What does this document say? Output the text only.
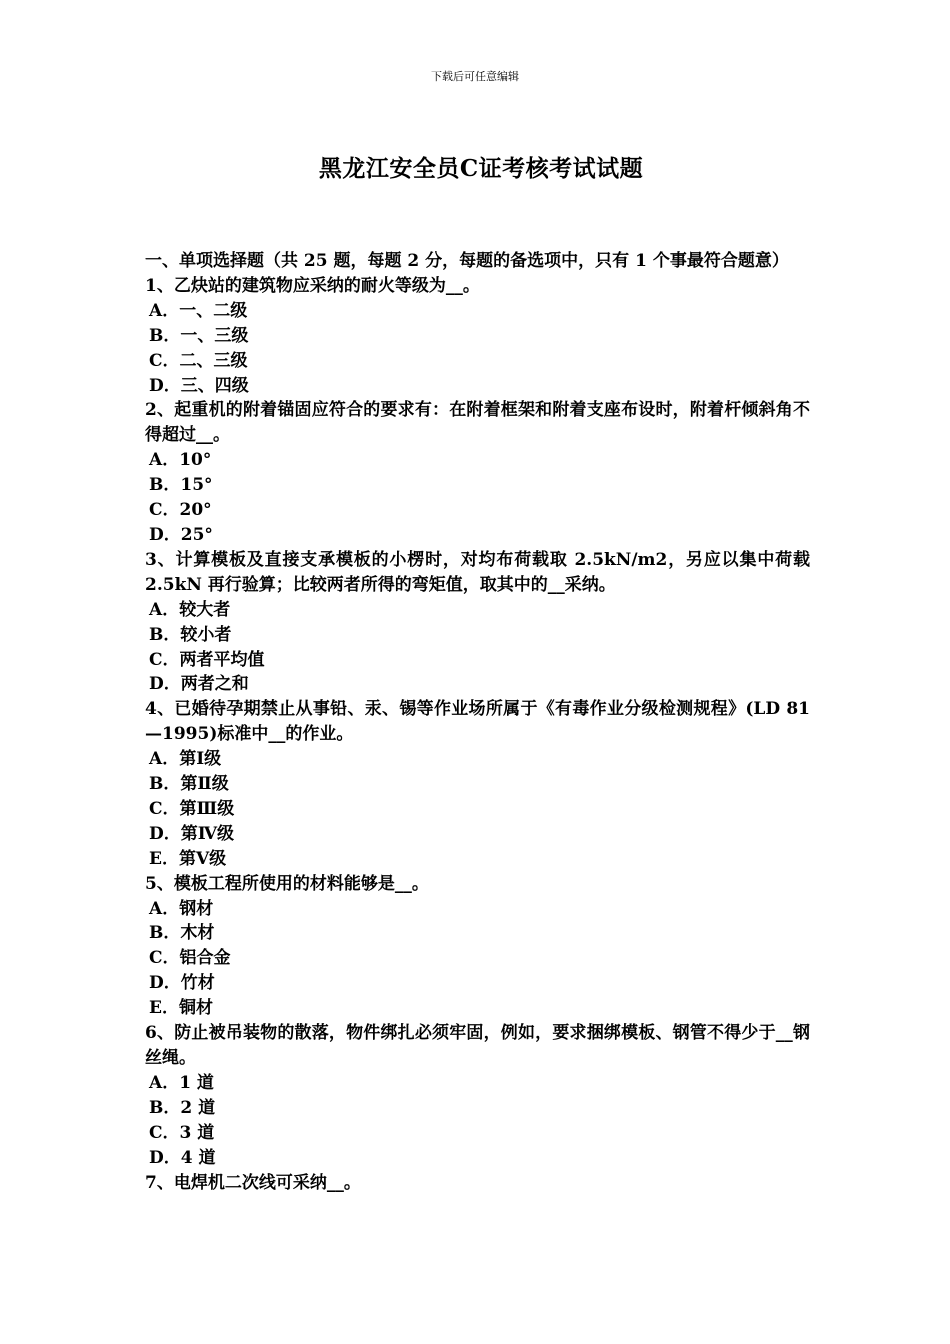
下载后可任意编辑
黑龙江安全员C证考核考试试题

一、单项选择题（共 25 题，每题 2 分，每题的备选项中，只有 1 个事最符合题意）

1、乙炔站的建筑物应采纳的耐火等级为__。

A．一、二级
B．一、三级
C．二、三级
D．三、四级

2、起重机的附着锚固应符合的要求有：在附着框架和附着支座布设时，附着杆倾斜角不得超过__。

A．10°
B．15°
C．20°
D．25°

3、计算模板及直接支承模板的小楞时，对均布荷载取 2.5kN/m2，另应以集中荷载 2.5kN 再行验算；比较两者所得的弯矩值，取其中的__采纳。

A．较大者
B．较小者
C．两者平均值
D．两者之和

4、已婚待孕期禁止从事铅、汞、锡等作业场所属于《有毒作业分级检测规程》(LD 81—1995)标准中__的作业。

A．第Ⅰ级
B．第Ⅱ级
C．第Ⅲ级
D．第Ⅳ级
E．第Ⅴ级

5、模板工程所使用的材料能够是__。

A．钢材
B．木材
C．铝合金
D．竹材
E．铜材

6、防止被吊装物的散落，物件绑扎必须牢固，例如，要求捆绑模板、钢管不得少于__钢丝绳。

A．1 道
B．2 道
C．3 道
D．4 道

7、电焊机二次线可采纳__。
